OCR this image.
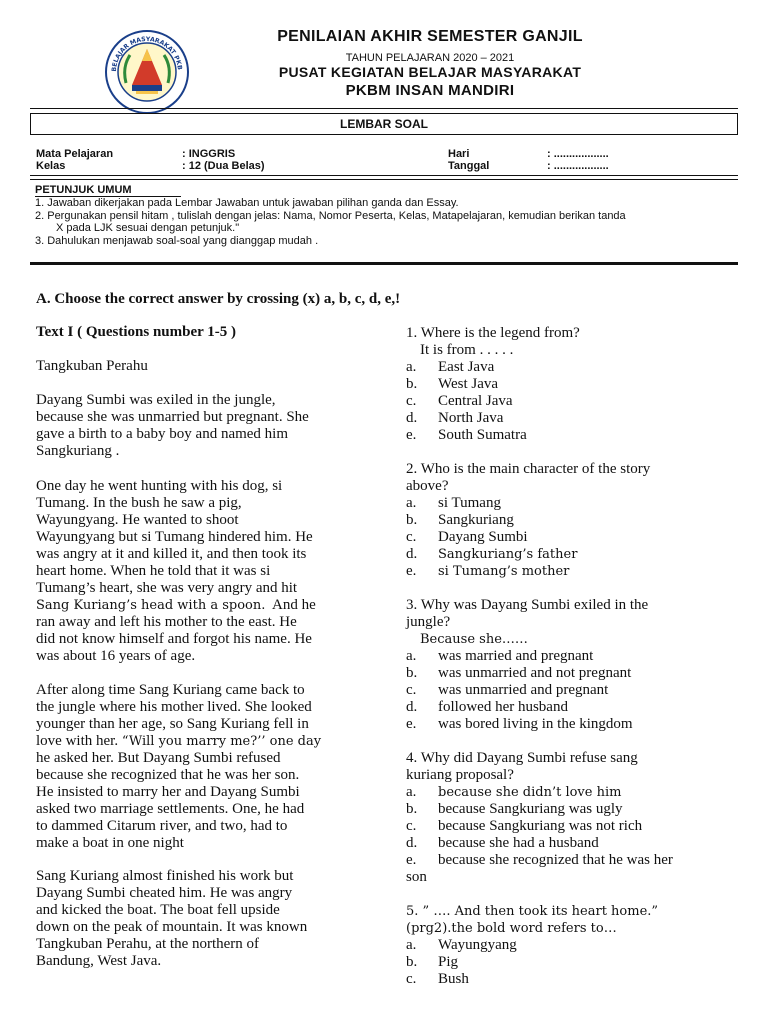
BELAJAR MASYARAKAT PKB
PENILAIAN AKHIR SEMESTER GANJIL
TAHUN PELAJARAN 2020 – 2021
PUSAT KEGIATAN BELAJAR MASYARAKAT
PKBM INSAN MANDIRI
LEMBAR SOAL
Mata Pelajaran	: INGGRIS
Kelas	: 12 (Dua Belas)
Hari	: ..................
Tanggal	: ..................
PETUNJUK UMUM
1. Jawaban dikerjakan pada Lembar Jawaban untuk jawaban pilihan ganda dan Essay.
2. Pergunakan pensil hitam , tulislah dengan jelas: Nama, Nomor Peserta, Kelas, Matapelajaran, kemudian berikan tanda
X pada LJK sesuai dengan petunjuk."
3. Dahulukan menjawab soal-soal yang dianggap mudah .
A. Choose the correct answer by crossing (x) a, b, c, d, e,!
Text I ( Questions number 1-5 )
Tangkuban Perahu
Dayang Sumbi was exiled in the jungle,
because she was unmarried but pregnant. She
gave a birth to a baby boy and named him
Sangkuriang .
One day he went hunting with his dog, si
Tumang. In the bush he saw a pig,
Wayungyang. He wanted to shoot
Wayungyang but si Tumang hindered him. He
was angry at it and killed it, and then took its
heart home. When he told that it was si
Tumang’s heart, she was very angry and hit
Sang Kuriang’s head with a spoon. And he
ran away and left his mother to the east. He
did not know himself and forgot his name. He
was about 16 years of age.
After along time Sang Kuriang came back to
the jungle where his mother lived. She looked
younger than her age, so Sang Kuriang fell in
love with her. “Will you marry me?’’ one day
he asked her. But Dayang Sumbi refused
because she recognized that he was her son.
He insisted to marry her and Dayang Sumbi
asked two marriage settlements. One, he had
to dammed Citarum river, and two, had to
make a boat in one night
Sang Kuriang almost finished his work but
Dayang Sumbi cheated him. He was angry
and kicked the boat. The boat fell upside
down on the peak of mountain. It was known
Tangkuban Perahu, at the northern of
Bandung, West Java.
1. Where is the legend from?
It is from . . . . .
a. East Java
b. West Java
c. Central Java
d. North Java
e. South Sumatra
2. Who is the main character of the story
above?
a. si Tumang
b. Sangkuriang
c. Dayang Sumbi
d. Sangkuriang’s father
e. si Tumang’s mother
3. Why was Dayang Sumbi exiled in the
jungle?
Because she……
a. was married and pregnant
b. was unmarried and not pregnant
c. was unmarried and pregnant
d. followed her husband
e. was bored living in the kingdom
4. Why did Dayang Sumbi refuse sang
kuriang proposal?
a. because she didn’t love him
b. because Sangkuriang was ugly
c. because Sangkuriang was not rich
d. because she had a husband
e. because she recognized that he was her
son
5. ” …. And then took its heart home.”
(prg2).the bold word refers to…
a. Wayungyang
b. Pig
c. Bush
